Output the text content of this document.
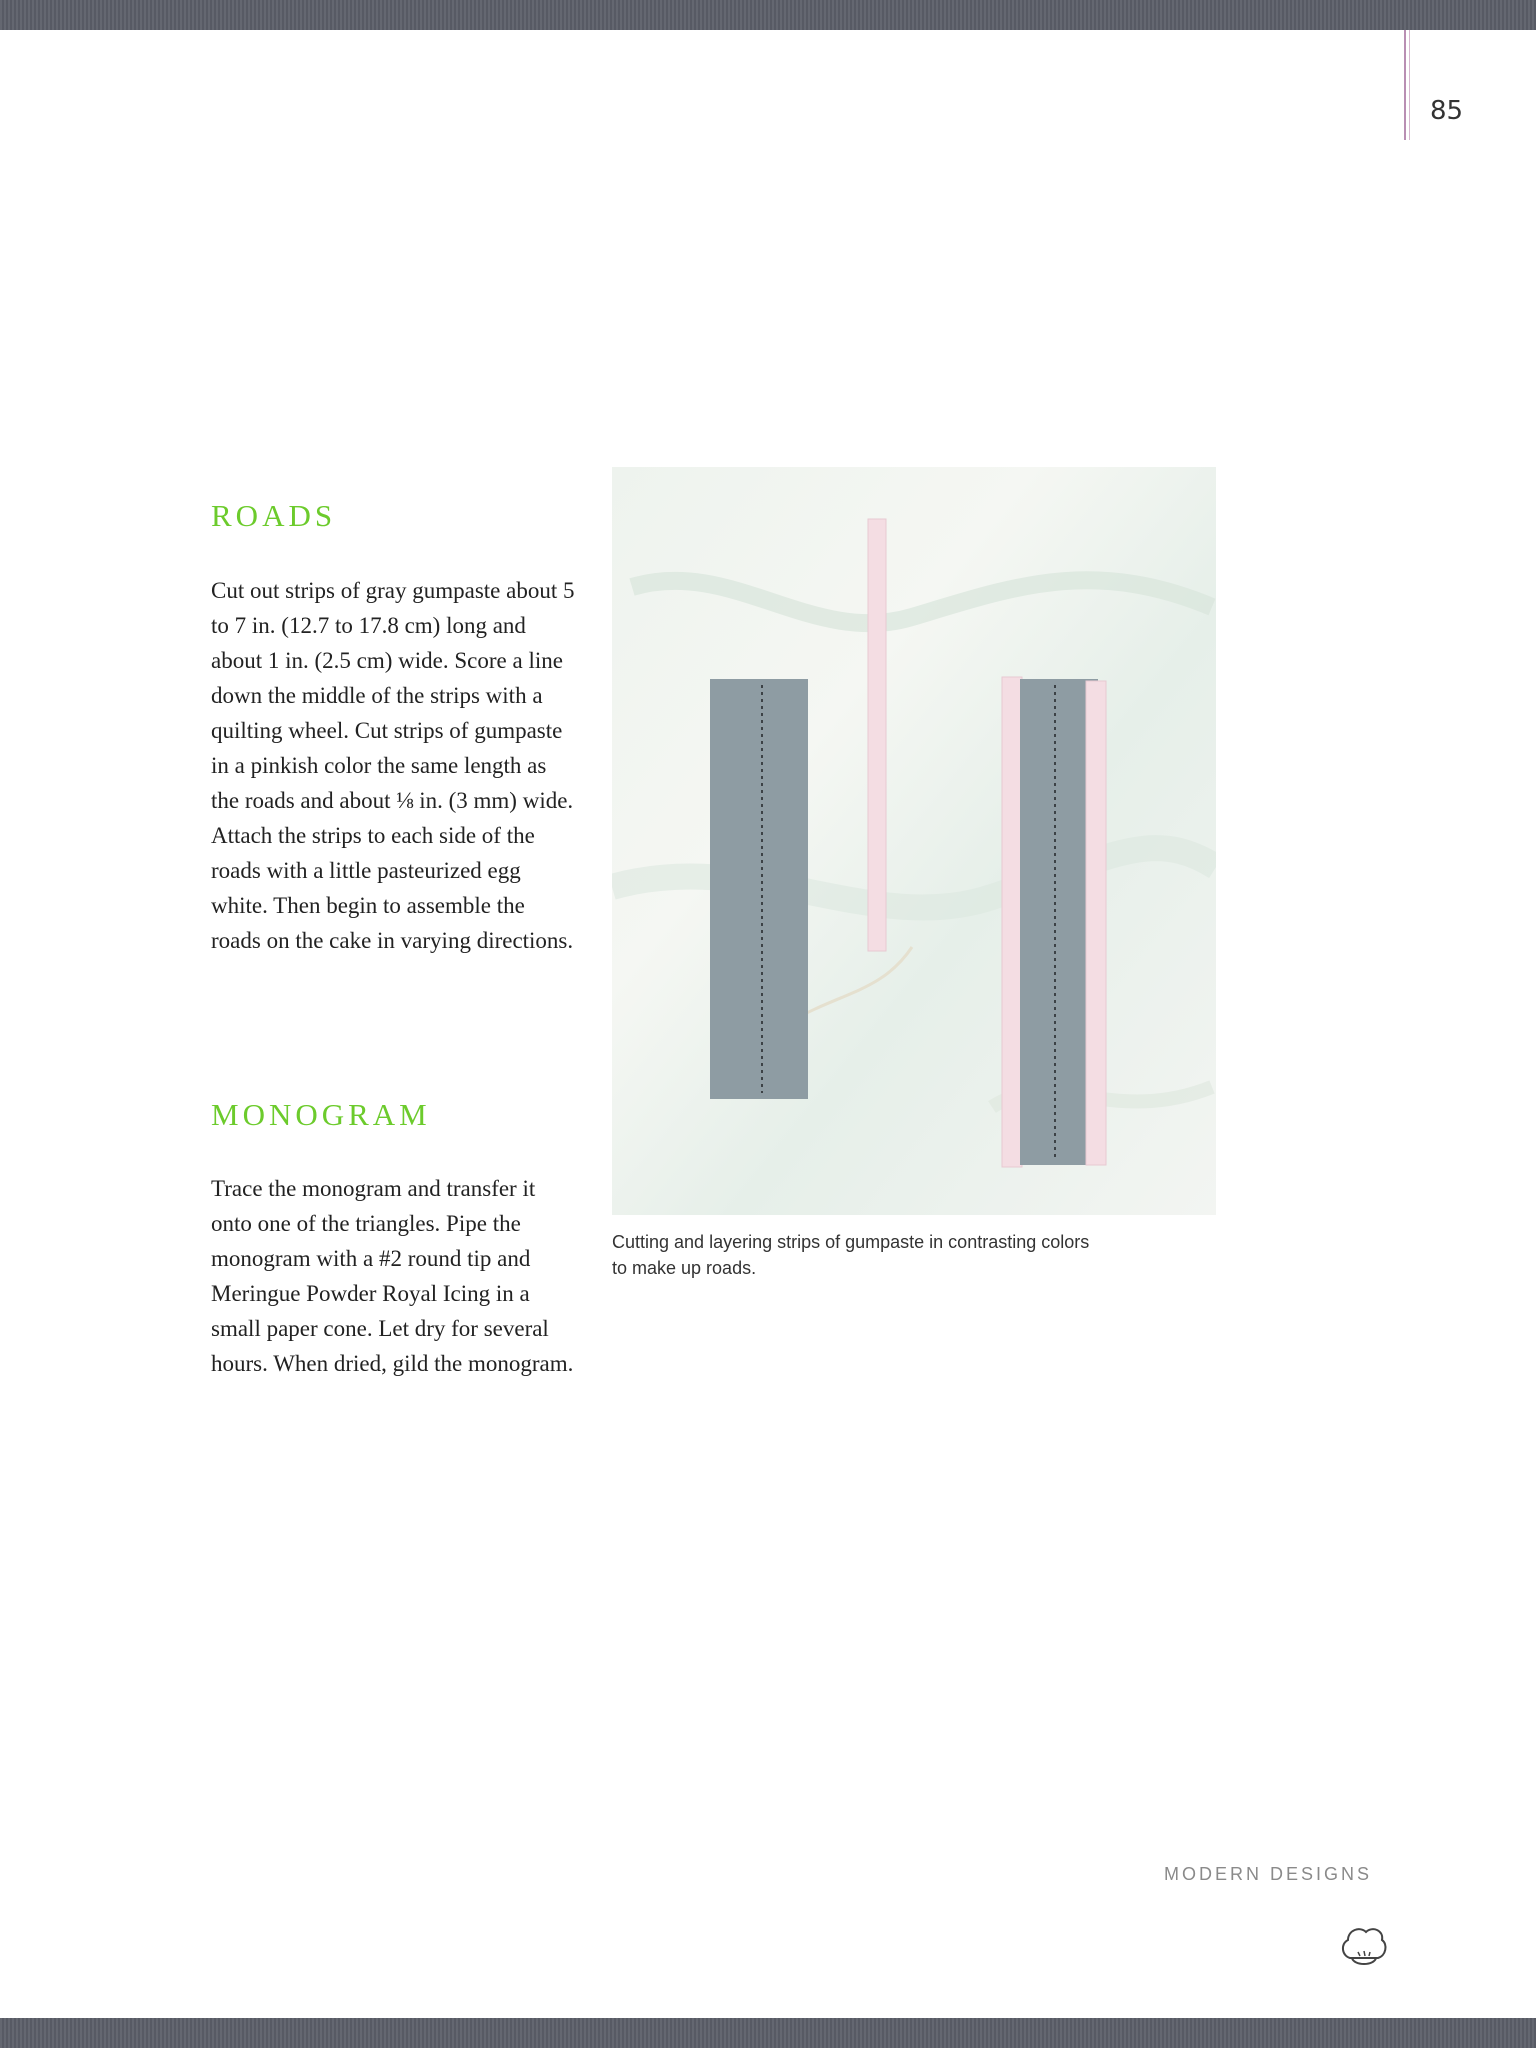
85
ROADS

Cut out strips of gray gumpaste about 5 to 7 in. (12.7 to 17.8 cm) long and about 1 in. (2.5 cm) wide. Score a line down the middle of the strips with a quilting wheel. Cut strips of gumpaste in a pinkish color the same length as the roads and about ⅛ in. (3 mm) wide. Attach the strips to each side of the roads with a little pasteurized egg white. Then begin to assemble the roads on the cake in varying directions.

MONOGRAM

Trace the monogram and transfer it onto one of the triangles. Pipe the monogram with a #2 round tip and Meringue Powder Royal Icing in a small paper cone. Let dry for several hours. When dried, gild the monogram.

Cutting and layering strips of gumpaste in contrasting colors to make up roads.

MODERN DESIGNS
